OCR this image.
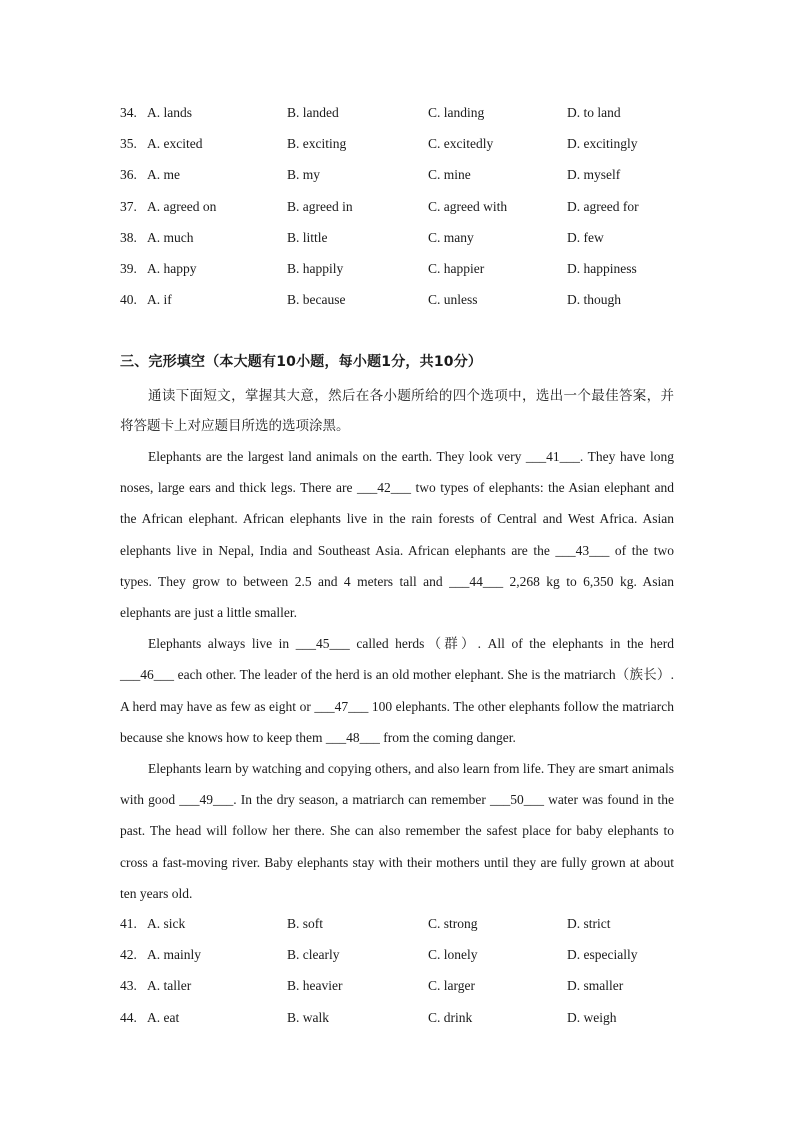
34. A. lands	B. landed	C. landing	D. to land
35. A. excited	B. exciting	C. excitedly	D. excitingly
36. A. me	B. my	C. mine	D. myself
37. A. agreed on	B. agreed in	C. agreed with	D. agreed for
38. A. much	B. little	C. many	D. few
39. A. happy	B. happily	C. happier	D. happiness
40. A. if	B. because	C. unless	D. though
三、完形填空（本大题有10小题，每小题1分，共10分）
通读下面短文，掌握其大意，然后在各小题所给的四个选项中，选出一个最佳答案，并将答题卡上对应题目所选的选项涂黑。

Elephants are the largest land animals on the earth. They look very ___41___. They have long noses, large ears and thick legs. There are ___42___ two types of elephants: the Asian elephant and the African elephant. African elephants live in the rain forests of Central and West Africa. Asian elephants live in Nepal, India and Southeast Asia. African elephants are the ___43___ of the two types. They grow to between 2.5 and 4 meters tall and ___44___ 2,268 kg to 6,350 kg. Asian elephants are just a little smaller.

Elephants always live in ___45___ called herds（群）. All of the elephants in the herd ___46___ each other. The leader of the herd is an old mother elephant. She is the matriarch（族长）. A herd may have as few as eight or ___47___ 100 elephants. The other elephants follow the matriarch because she knows how to keep them ___48___ from the coming danger.

Elephants learn by watching and copying others, and also learn from life. They are smart animals with good ___49___. In the dry season, a matriarch can remember ___50___ water was found in the past. The head will follow her there. She can also remember the safest place for baby elephants to cross a fast-moving river. Baby elephants stay with their mothers until they are fully grown at about ten years old.

41. A. sick	B. soft	C. strong	D. strict
42. A. mainly	B. clearly	C. lonely	D. especially
43. A. taller	B. heavier	C. larger	D. smaller
44. A. eat	B. walk	C. drink	D. weigh
